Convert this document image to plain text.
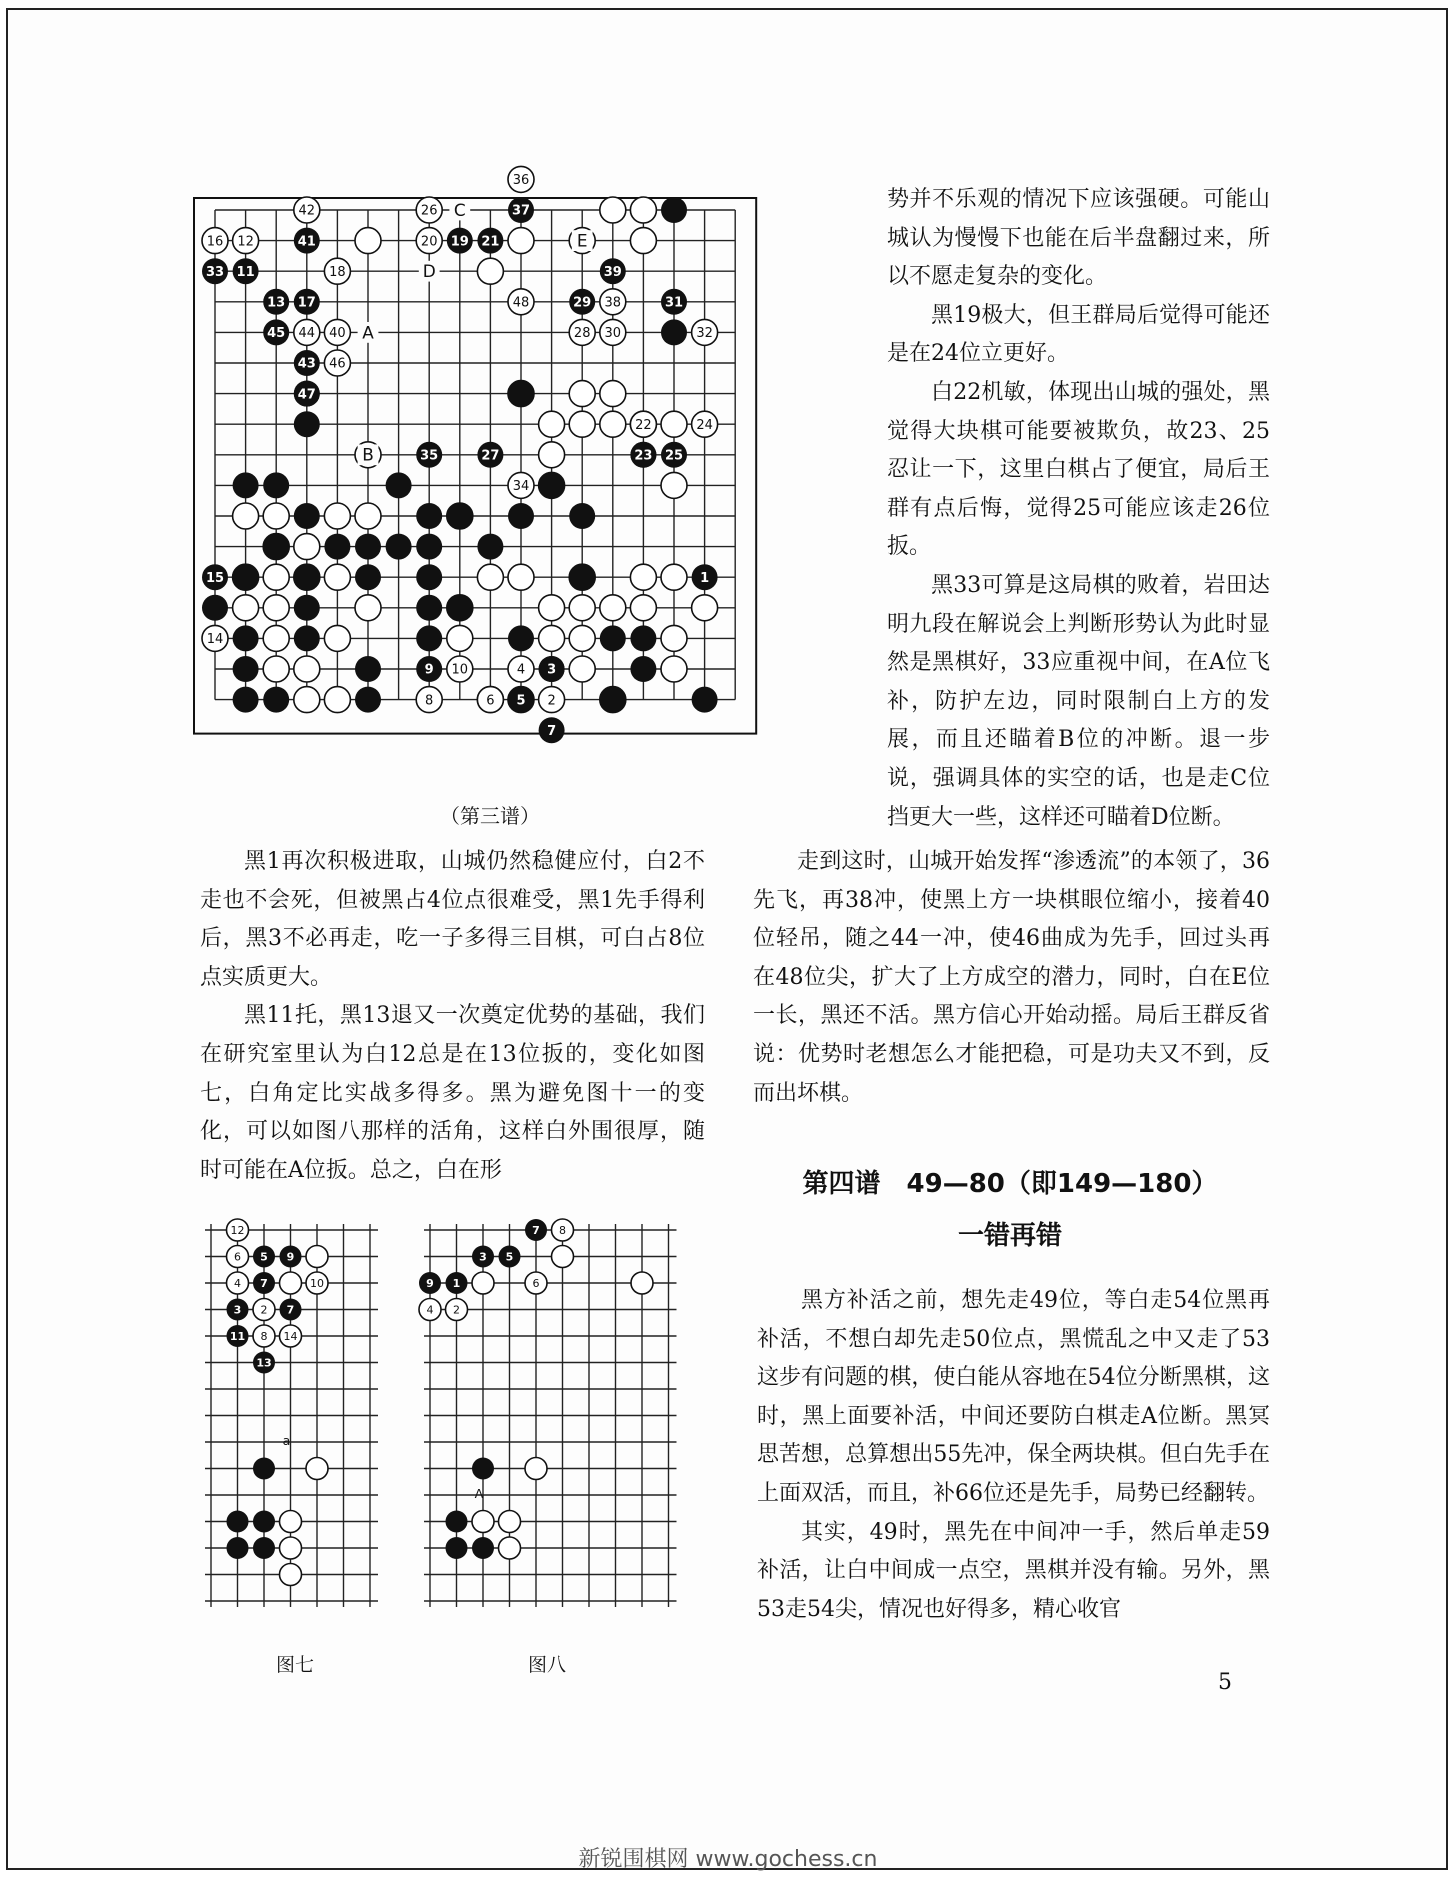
36
42	26
16 12	20
18
48	38
44 40
46
28 30	32
22	24
34
14
10	4
8	6	2
37
41	19 21
33 11
13 17
45
43
47
35	27
39
29	31
23 25
15	1
9	3
5
7
C
E
D
A
B
（第三谱）

势并不乐观的情况下应该强硬。可能山城认为慢慢下也能在后半盘翻过来，所以不愿走复杂的变化。

黑19极大，但王群局后觉得可能还是在24位立更好。

白22机敏，体现出山城的强处，黑觉得大块棋可能要被欺负，故23、25忍让一下，这里白棋占了便宜，局后王群有点后悔，觉得25可能应该走26位扳。

黑33可算是这局棋的败着，岩田达明九段在解说会上判断形势认为此时显然是黑棋好，33应重视中间，在A位飞补，防护左边，同时限制白上方的发展，而且还瞄着B位的冲断。退一步说，强调具体的实空的话，也是走C位挡更大一些，这样还可瞄着D位断。

走到这时，山城开始发挥“渗透流”的本领了，36先飞，再38冲，使黑上方一块棋眼位缩小，接着40位轻吊，随之44一冲，使46曲成为先手，回过头再在48位尖，扩大了上方成空的潜力，同时，白在E位一长，黑还不活。黑方信心开始动摇。局后王群反省说：优势时老想怎么才能把稳，可是功夫又不到，反而出坏棋。

黑1再次积极进取，山城仍然稳健应付，白2不走也不会死，但被黑占4位点很难受，黑1先手得利后，黑3不必再走，吃一子多得三目棋，可白占8位点实质更大。

黑11托，黑13退又一次奠定优势的基础，我们在研究室里认为白12总是在13位扳的，变化如图七，白角定比实战多得多。黑为避免图十一的变化，可以如图八那样的活角，这样白外围很厚，随时可能在A位扳。总之，白在形

12
6
4	10
2
8 14
5 9
7
3	7
11
13
a
图七
8
6
4 2
7
3 5
9 1
A
图八
第四谱　49—80（即149—180）
一错再错

黑方补活之前，想先走49位，等白走54位黑再补活，不想白却先走50位点，黑慌乱之中又走了53这步有问题的棋，使白能从容地在54位分断黑棋，这时，黑上面要补活，中间还要防白棋走A位断。黑冥思苦想，总算想出55先冲，保全两块棋。但白先手在上面双活，而且，补66位还是先手，局势已经翻转。

其实，49时，黑先在中间冲一手，然后单走59补活，让白中间成一点空，黑棋并没有输。另外，黑53走54尖，情况也好得多，精心收官

5
新锐围棋网 www.gochess.cn
